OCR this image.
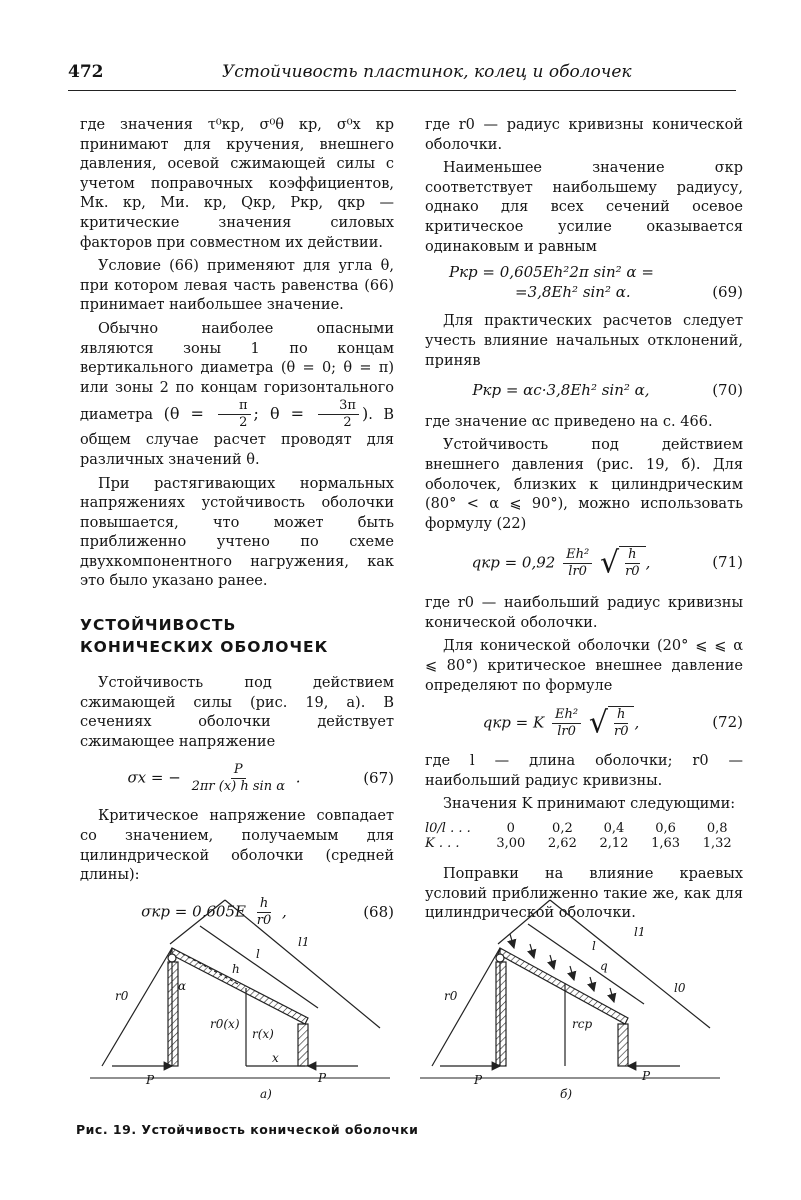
472	Устойчивость пластинок, колец и оболочек

где значения τ⁰кр, σ⁰θ кр, σ⁰x кр принимают для кручения, внешнего давления, осевой сжимающей силы с учетом поправочных коэффициентов, Mк. кр, Mи. кр, Qкр, Pкр, qкр — критические значения силовых факторов при совместном их действии.

Условие (66) применяют для угла θ, при котором левая часть равенства (66) принимает наибольшее значение.

Обычно наиболее опасными являются зоны 1 по концам вертикального диаметра (θ = 0; θ = π) или зоны 2 по концам горизонтального диаметра ($\theta = \frac{\pi}{2}$ ; $\theta = \frac{3\pi}{2}$ ). В общем случае расчет проводят для различных значений θ.

При растягивающих нормальных напряжениях устойчивость оболочки повышается, что может быть приближенно учтено по схеме двухкомпонентного нагружения, как это было указано ранее.

УСТОЙЧИВОСТЬ
КОНИЧЕСКИХ ОБОЛОЧЕК

Устойчивость под действием сжимающей силы (рис. 19, а). В сечениях оболочки действует сжимающее напряжение

σx = − $\frac{P}{\text{2πr (x) h sin α}}$ .	(67)

Критическое напряжение совпадает со значением, получаемым для цилиндрической оболочки (средней длины):

$\sigma кр = 0,605E \frac{h}{r0}$ ,	(68)

где r0 — радиус кривизны конической оболочки.

Наименьшее значение σкр соответствует наибольшему радиусу, однако для всех сечений осевое критическое усилие оказывается одинаковым и равным

Pкр = 0,605Eh²2π sin² α =
=3,8Eh² sin² α.	(69)

Для практических расчетов следует учесть влияние начальных отклонений, приняв

Pкр = αc·3,8Eh² sin² α,	(70)

где значение αc приведено на с. 466.

Устойчивость под действием внешнего давления (рис. 19, б). Для оболочек, близких к цилиндрическим (80° < α ⩽ 90°), можно использовать формулу (22)

qкр = $0,92 \frac{\text{Eh²}}{lr0}$ √ $\frac{h}{r0}$ ,	(71)

где r0 — наибольший радиус кривизны конической оболочки.

Для конической оболочки (20° ⩽ ⩽ α ⩽ 80°) критическое внешнее давление определяют по формуле

qкр = K $\frac{\text{Eh²}}{lr0}$ √ $\frac{h}{r0}$ ,	(72)

где l — длина оболочки; r0 — наибольший радиус кривизны.

Значения K принимают следующими:

l0/l . . .	0	0,2	0,4	0,6	0,8
K . . .	3,00	2,62	2,12	1,63	1,32

Поправки на влияние краевых условий приближенно такие же, как для цилиндрической оболочки.

r0
α
r0(x)
h
l
l1
r(x)
x
P	P
а)
r0
rср
q
l
l1
l0
P	P
б)
Рис. 19. Устойчивость конической оболочки
